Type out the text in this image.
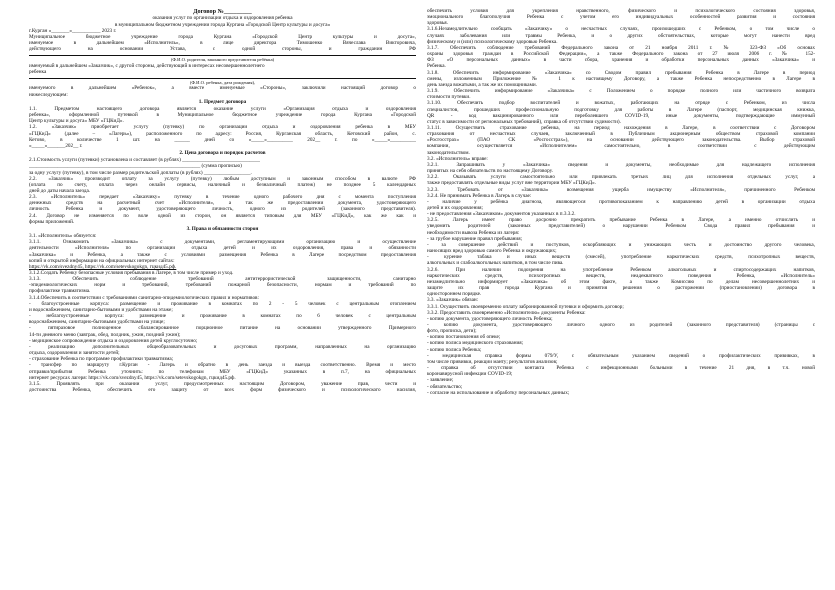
Договор №_________
оказания услуг по организации отдыха и оздоровления ребенка
в муниципальном бюджетном учреждении города Кургана «Городской Центр культуры и досуга»
г.Курган «_______»___________ 2023 г.
Муниципальное бюджетное учреждение города Кургана «Городской Центр культуры и досуга»,
именуемое в дальнейшем «Исполнитель», в лице директора Тимошенко Вячеслава Викторовича,
действующего на основании Устава, с одной стороны, и гражданин РФ
(Ф.И.О. родителя, законного представителя ребёнка)
именуемый в дальнейшем «Заказчик», с другой стороны, действующий в интересах несовершеннолетнего
ребенка
(Ф.И.О. ребенка, дата рождения),
именуемого в дальнейшем «Ребенок», а вместе именуемые «Стороны», заключили настоящий договор о
нижеследующем:
1. Предмет договора
1.1. Предметом настоящего договора является оказание услуги «Организация отдыха и оздоровления
ребенка», оформленной путевкой в Муниципальное бюджетное учреждение города Кургана «Городской
Центр культуры и досуга» МБУ «ГЦКиД».
1.2. «Заказчик» приобретает услугу (путевку) по организации отдыха и оздоровления ребенка в МБУ
«ГЦКиД» (далее – «Лагерь»), расположенного по адресу: Россия, Курганская область, Кетовский район, с.
Кетово, в количестве 1 шт. на ______ дней со «_____»__________ 202__ г. по «_____»__________
«_____»_______202__ г.
2. Цена договора и порядок расчетов
2.1.Стоимость услуги (путевки) установлена и составляет (в рублях) ______________________________
__________________________________________________________________ (сумма прописью)
за одну услугу (путевку), в том числе размер родительской доплаты (в рублях) __________________.
2.2. «Заказчик» производит оплату за услугу (путевку) любым доступным и законным способом в валюте РФ
(оплата по счету, оплата через онлайн сервисы, наличный и безналичный платеж) не позднее 5 календарных
дней до даты начала заезда.
2.3. «Исполнитель» передает «Заказчику» путевку в течение одного рабочего дня с момента поступления
денежных средств на расчетный счет «Исполнителя», а так же предоставлении документа, удостоверяющего
личность Ребенка и документ, удостоверяющего личность, одного из родителей (законного представителя).
2.4. Договор не изменяется по воле одной из сторон, он является типовым для МБУ «ГЦКиД», как же как и
формы приложений.
3. Права и обязанности сторон
3.1. «Исполнитель» обязуется:
3.1.1. Ознакомить «Заказчика» с документами, регламентирующими организацию и осуществление
деятельности «Исполнителя» по организации отдыха детей и их оздоровления, права и обязанности
«Заказчика» и Ребенка, а также с условиями размещения Ребенка в Лагере посредством предоставления
копий и открытой информации на официальных интернет сайтах:
https://vk.com/svezdny45, https://vk.com/setevskogokgn, гцкид45.рф.
3.1.2.Создать Ребенку безопасные условия пребывания в Лагере, в том числе пример и уход.
3.1.3. Обеспечить соблюдение требований антитеррористической защищенности, санитарно
-эпидемиологических норм и требований, требований пожарной безопасности, нормам и требований по
профилактике травматизма.
3.1.4.Обеспечить в соответствии с требованиями санитарно-эпидемиологических правил и нормативов:
- благоустроенные корпуса: размещение и проживание в комнатах по 2 - 5 человек с центральным отоплением
и водоснабжением, санитарно-бытовыми и удобствами на этаже;
- неблагоустроенные корпуса: размещение и проживание в комнатах по 6 человек с центральным
водоснабжением, санитарно-бытовыми удобствами на улице;
- пятиразовое полноценное сбалансированное порционное питание на основании утвержденного Примерного
14-ти дневного меню (завтрак, обед, полдник, ужин, поздний ужин);
- медицинское сопровождение отдыха и оздоровления детей круглосуточно;
- реализацию дополнительных общеобразовательных и досуговых программ, направленных на организацию
отдыха, оздоровления и занятости детей;
- страхование Ребенка по программе профилактики травматизма;
- трансфер по маршруту г.Курган - Лагерь и обратно в день заезда и выезда соответственно. Время и место
отправки/прибытия Ребенка уточнить: по телефонам МБУ «ГЦКиД» указанных в п.7, на официальных
интернет ресурсах лагеря: https://vk.com/svezdny45, https://vk.com/setevskogokgn, гцкид45.рф.
3.1.5. Проявлять при оказании услуг, предусмотренных настоящим Договором, уважение прав, чести и
достоинства Ребенка, обеспечить его защиту от всех форм физического и психологического насилия,
обеспечить условия для укрепления нравственного, физического и психологического состояния здоровья,
эмоционального благополучия Ребенка с учетом его индивидуальных особенностей развития и состояния
здоровья.
3.1.6.Незамедлительно сообщать «Заказчику» о несчастных случаях, произошедших с Ребенком, о том числе о
случаях заболевания или травмы Ребенка, и о других обстоятельствах, которые могут нанести вред
физическому и (или) психологическому здоровью Ребенка.
3.1.7. Обеспечить соблюдение требований Федерального закона от 21 ноября 2011 г. № 323-ФЗ «Об основах
охраны здоровья граждан в Российской Федерации», а также Федерального закона от 27 июля 2006 г. № 152-
ФЗ «О персональных данных» в части сбора, хранения и обработки персональных данных «Заказчика» и
Ребенка.
3.1.8. Обеспечить информирование «Заказчика» со Сводом правил пребывания Ребенка в Лагере в период
смены, изложенным Приложение № 1 к настоящему Договору, а также Ребенка непосредственно в Лагере в
день заезда вожатыми, а так же их помощниками.
3.1.9. Обеспечить информирование «Заказчика» с Положением о порядке полного или частичного возврата
стоимости путевки.
3.1.10. Обеспечить подбор воспитателей и вожатых, работающих на отряде с Ребенком, из числа
специалистов, прошедших профессиональную подготовку для работы в Лагере (паспорт, медицинская книжка,
QR - код вакцинированного или переболевшего COVID-19, иные документы, подтверждающие иммунный
статус в зависимости от региональных требований), справка об отсутствии судимости).
3.1.11. Осуществить страхование ребенка, на период нахождения в Лагере, в соответствии с Договором
страхования от несчастных случаев, заключенный в Публичным акционерным обществом страховой компании
«Росгосстрах» (ПАО СК «Росгосстрах»), на основании действующего законодательства. Выбор страховой
компании, осуществляется «Исполнителем» самостоятельно, в соответствии с действующим
законодательством.
3.2. «Исполнитель» вправе:
3.2.1. Запрашивать у «Заказчика» сведения и документы, необходимые для надлежащего исполнения
принятых на себя обязательств по настоящему Договору.
3.2.2. Оказывать услуги самостоятельно или привлекать третьих лиц для исполнения отдельных услуг, а
также предоставлять отдельные виды услуг вне территории МБУ «ГЦКиД».
3.2.3. Требовать от «Заказчика» возмещения ущерба имуществу «Исполнителя», причиненного Ребенком
3.2.4. Не принимать Ребенка в Лагерь в случае:
- наличие у ребёнка диагноза, являющегося противопоказанием к направлению детей в организации отдыха
детей и их оздоровления;
- не предоставления «Заказчиком» документов указанных в п.3.3.2.
3.2.5. Лагерь имеет право досрочно прекратить пребывание Ребенка в Лагере, а именно отчислить и
уведомить родителей (законных представителей) о нарушении Ребенком Свода правил пребывания и
необходимости вывоза Ребенка из лагеря:
- за грубое нарушение правил пребывания;
- за совершение действий и поступков, оскорбляющих и унижающих честь и достоинство другого человека,
наносящих вред здоровью самого Ребенка и окружающих;
- курение табака и иных веществ (смесей), употребление наркотических средств, психотропных веществ,
алкогольных и слабоалкогольных напитков, в том числе пива.
3.2.6. При наличии подозрения на употребление Ребенком алкогольных и спиртосодержащих напитков,
наркотических средств, психотропных веществ, неадекватного поведения Ребенка, «Исполнитель»
незамедлительно информирует «Заказчика» об этом факте, а также Комиссию по делам несовершеннолетних и
защите их прав города Кургана и принятия решения о расторжении (приостановлении) договора в
одностороннем порядке.
3.3. «Заказчик» обязан:
3.3.1. Осуществить своевременно оплату забронированной путевки и оформить договор;
3.3.2. Предоставить своевременно «Исполнителю» документы Ребенка:
- копию документа, удостоверяющего личность Ребенка;
- копию документа, удостоверяющего личного одного из родителей (законного представителя) (страницы с
фото, прописка, дети);
- копию постановления об опеке;
- копию полиса медицинского страхования;
- копию полиса Ребенка;
- медицинская справка формы 079/У, с обязательным указанием сведений о профилактических прививках, в
том числе прививки, реакции манту; результатов анализов;
- справка об отсутствии контакта Ребенка с инфекционными больными в течение 21 дня, в т.ч. новой
коронавирусной инфекции COVID-19;
- заявление;
- обязательство;
- согласие на использование и обработку персональных данных;
